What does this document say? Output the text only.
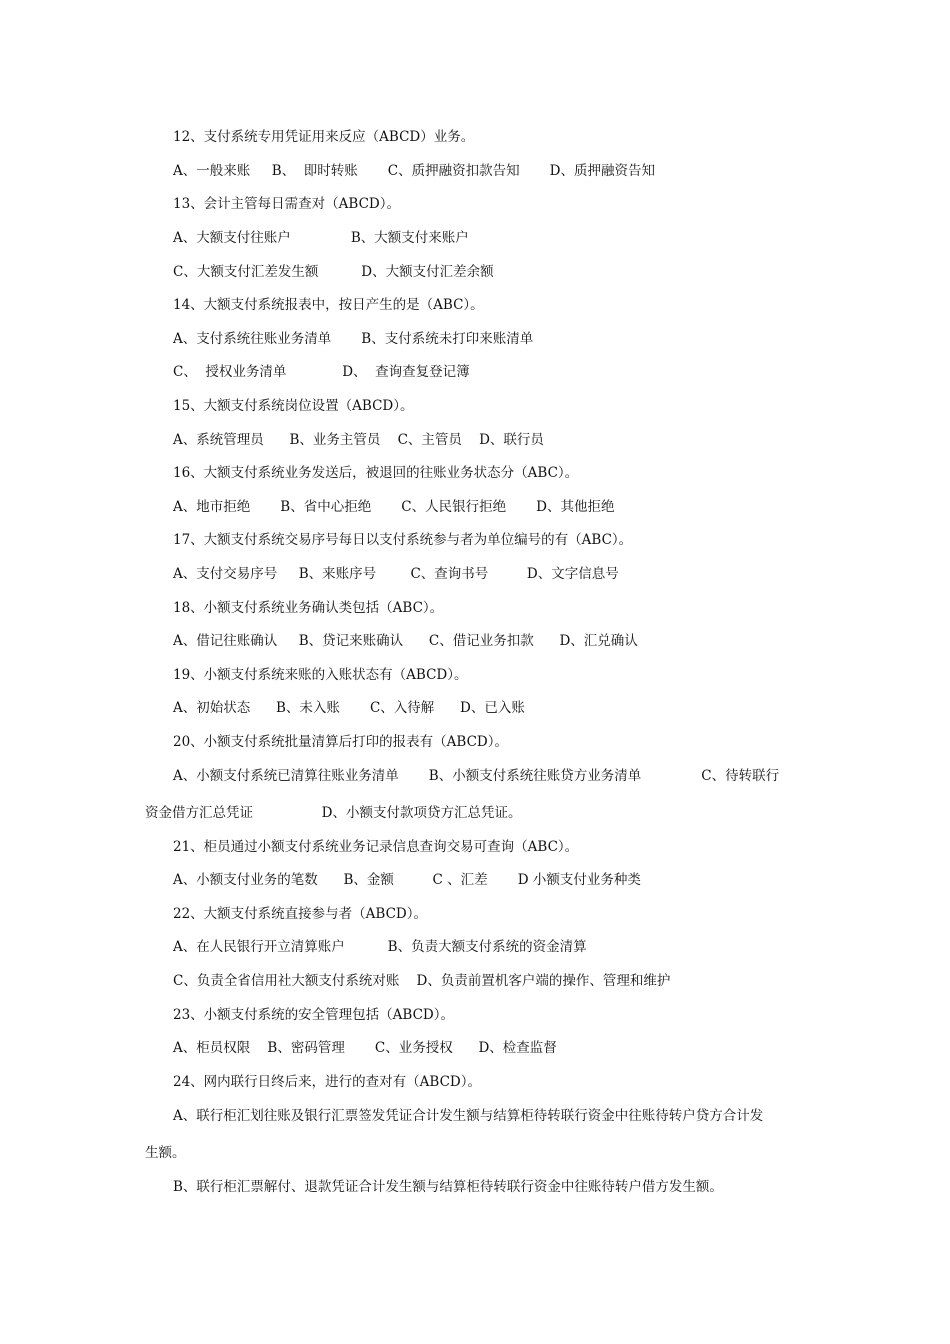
12、支付系统专用凭证用来反应（ABCD）业务。
A、一般来账     B、  即时转账       C、质押融资扣款告知       D、质押融资告知
13、会计主管每日需查对（ABCD）。
A、大额支付往账户              B、大额支付来账户
C、大额支付汇差发生额          D、大额支付汇差余额
14、大额支付系统报表中，按日产生的是（ABC）。
A、支付系统往账业务清单       B、支付系统未打印来账清单
C、  授权业务清单             D、  查询查复登记簿
15、大额支付系统岗位设置（ABCD）。
A、系统管理员      B、业务主管员    C、主管员    D、联行员
16、大额支付系统业务发送后，被退回的往账业务状态分（ABC）。
A、地市拒绝       B、省中心拒绝       C、人民银行拒绝       D、其他拒绝
17、大额支付系统交易序号每日以支付系统参与者为单位编号的有（ABC）。
A、支付交易序号     B、来账序号        C、查询书号         D、文字信息号
18、小额支付系统业务确认类包括（ABC）。
A、借记往账确认     B、贷记来账确认      C、借记业务扣款      D、汇兑确认
19、小额支付系统来账的入账状态有（ABCD）。
A、初始状态      B、未入账       C、入待解      D、已入账
20、小额支付系统批量清算后打印的报表有（ABCD）。
A、小额支付系统已清算往账业务清单       B、小额支付系统往账贷方业务清单              C、待转联行
资金借方汇总凭证                D、小额支付款项贷方汇总凭证。
21、柜员通过小额支付系统业务记录信息查询交易可查询（ABC）。
A、小额支付业务的笔数      B、金额         C 、汇差       D 小额支付业务种类
22、大额支付系统直接参与者（ABCD）。
A、在人民银行开立清算账户          B、负责大额支付系统的资金清算
C、负责全省信用社大额支付系统对账    D、负责前置机客户端的操作、管理和维护
23、小额支付系统的安全管理包括（ABCD）。
A、柜员权限    B、密码管理       C、业务授权      D、检查监督
24、网内联行日终后来，进行的查对有（ABCD）。
A、联行柜汇划往账及银行汇票签发凭证合计发生额与结算柜待转联行资金中往账待转户贷方合计发
生额。
B、联行柜汇票解付、退款凭证合计发生额与结算柜待转联行资金中往账待转户借方发生额。
